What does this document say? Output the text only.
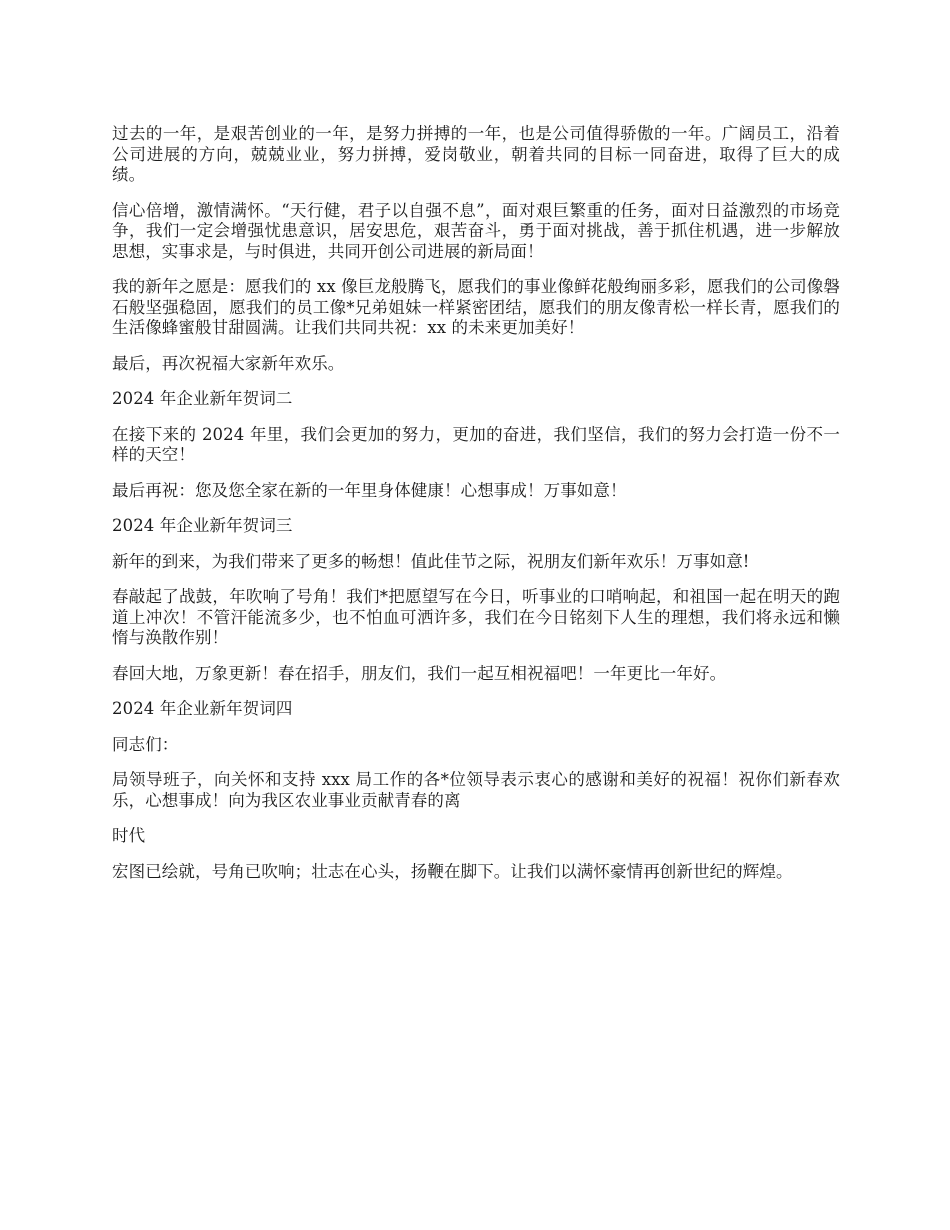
过去的一年，是艰苦创业的一年，是努力拼搏的一年，也是公司值得骄傲的一年。广阔员工，沿着公司进展的方向，兢兢业业，努力拼搏，爱岗敬业，朝着共同的目标一同奋进，取得了巨大的成绩。

信心倍增，激情满怀。“天行健，君子以自强不息”，面对艰巨繁重的任务，面对日益激烈的市场竞争，我们一定会增强忧患意识，居安思危，艰苦奋斗，勇于面对挑战，善于抓住机遇，进一步解放思想，实事求是，与时俱进，共同开创公司进展的新局面！

我的新年之愿是：愿我们的 xx 像巨龙般腾飞，愿我们的事业像鲜花般绚丽多彩，愿我们的公司像磐石般坚强稳固，愿我们的员工像*兄弟姐妹一样紧密团结，愿我们的朋友像青松一样长青，愿我们的生活像蜂蜜般甘甜圆满。让我们共同共祝：xx 的未来更加美好！

最后，再次祝福大家新年欢乐。

2024 年企业新年贺词二

在接下来的 2024 年里，我们会更加的努力，更加的奋进，我们坚信，我们的努力会打造一份不一样的天空！

最后再祝：您及您全家在新的一年里身体健康！心想事成！万事如意！

2024 年企业新年贺词三

新年的到来，为我们带来了更多的畅想！值此佳节之际，祝朋友们新年欢乐！万事如意!

春敲起了战鼓，年吹响了号角！我们*把愿望写在今日，听事业的口哨响起，和祖国一起在明天的跑道上冲次！不管汗能流多少，也不怕血可洒许多，我们在今日铭刻下人生的理想，我们将永远和懒惰与涣散作别！

春回大地，万象更新！春在招手，朋友们，我们一起互相祝福吧！一年更比一年好。

2024 年企业新年贺词四

同志们：

局领导班子，向关怀和支持 xxx 局工作的各*位领导表示衷心的感谢和美好的祝福！祝你们新春欢乐，心想事成！向为我区农业事业贡献青春的离

时代

宏图已绘就，号角已吹响；壮志在心头，扬鞭在脚下。让我们以满怀豪情再创新世纪的辉煌。
